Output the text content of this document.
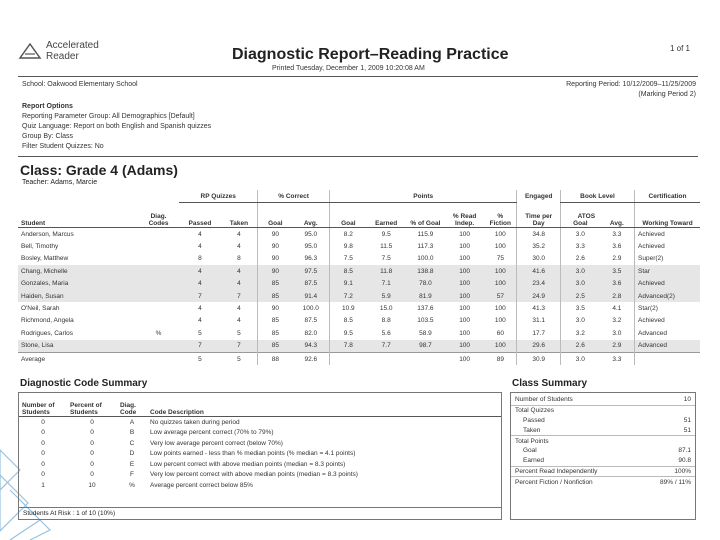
Accelerated
Reader	Diagnostic Report–Reading Practice
Printed Tuesday, December 1, 2009 10:20:08 AM
1 of 1
School: Oakwood Elementary School	Reporting Period: 10/12/2009–11/25/2009
(Marking Period 2)
Report Options
Reporting Parameter Group: All Demographics [Default]
Quiz Language: Report on both English and Spanish quizzes
Group By: Class
Filter Student Quizzes: No
Class: Grade 4 (Adams)
Teacher: Adams, Marcie
		RP Quizzes		% Correct		Points					Engaged	Book Level		Certification
Student	Diag. Codes	Passed	Taken	Goal	Avg.	Goal	Earned	% of Goal	% Read Indep.	% Fiction	Time per Day	ATOS
Goal	Avg.	Working Toward
Anderson, Marcus		4	4	90	95.0	8.2	9.5	115.9	100	100	34.8	3.0	3.3	Achieved
Bell, Timothy		4	4	90	95.0	9.8	11.5	117.3	100	100	35.2	3.3	3.6	Achieved
Bosley, Matthew		8	8	90	96.3	7.5	7.5	100.0	100	75	30.0	2.6	2.9	Super(2)
Chang, Michelle		4	4	90	97.5	8.5	11.8	138.8	100	100	41.6	3.0	3.5	Star
Gonzales, Maria		4	4	85	87.5	9.1	7.1	78.0	100	100	23.4	3.0	3.6	Achieved
Haiden, Susan		7	7	85	91.4	7.2	5.9	81.9	100	57	24.9	2.5	2.8	Advanced(2)
O'Neil, Sarah		4	4	90	100.0	10.9	15.0	137.6	100	100	41.3	3.5	4.1	Star(2)
Richmond, Angela		4	4	85	87.5	8.5	8.8	103.5	100	100	31.1	3.0	3.2	Achieved
Rodrigues, Carlos	%	5	5	85	82.0	9.5	5.6	58.9	100	60	17.7	3.2	3.0	Advanced
Stone, Lisa		7	7	85	94.3	7.8	7.7	98.7	100	100	29.6	2.6	2.9	Advanced
Average		5	5	88	92.6				100	89	30.9	3.0	3.3	
Diagnostic Code Summary
Number of Students	Percent of Students	Diag. Code	Code Description
0	0	A	No quizzes taken during period
0	0	B	Low average percent correct (70% to 79%)
0	0	C	Very low average percent correct (below 70%)
0	0	D	Low points earned - less than % median points (% median = 4.1 points)
0	0	E	Low percent correct with above median points (median = 8.3 points)
0	0	F	Very low percent correct with above median points (median = 8.3 points)
1	10	%	Average percent correct below 85%
Students At Risk : 1 of 10 (10%)
Class Summary
Number of Students	10
Total Quizzes	
Passed	51
Taken	51
Total Points	
Goal	87.1
Earned	90.8
Percent Read Independently	100%
Percent Fiction / Nonfiction	89% / 11%
